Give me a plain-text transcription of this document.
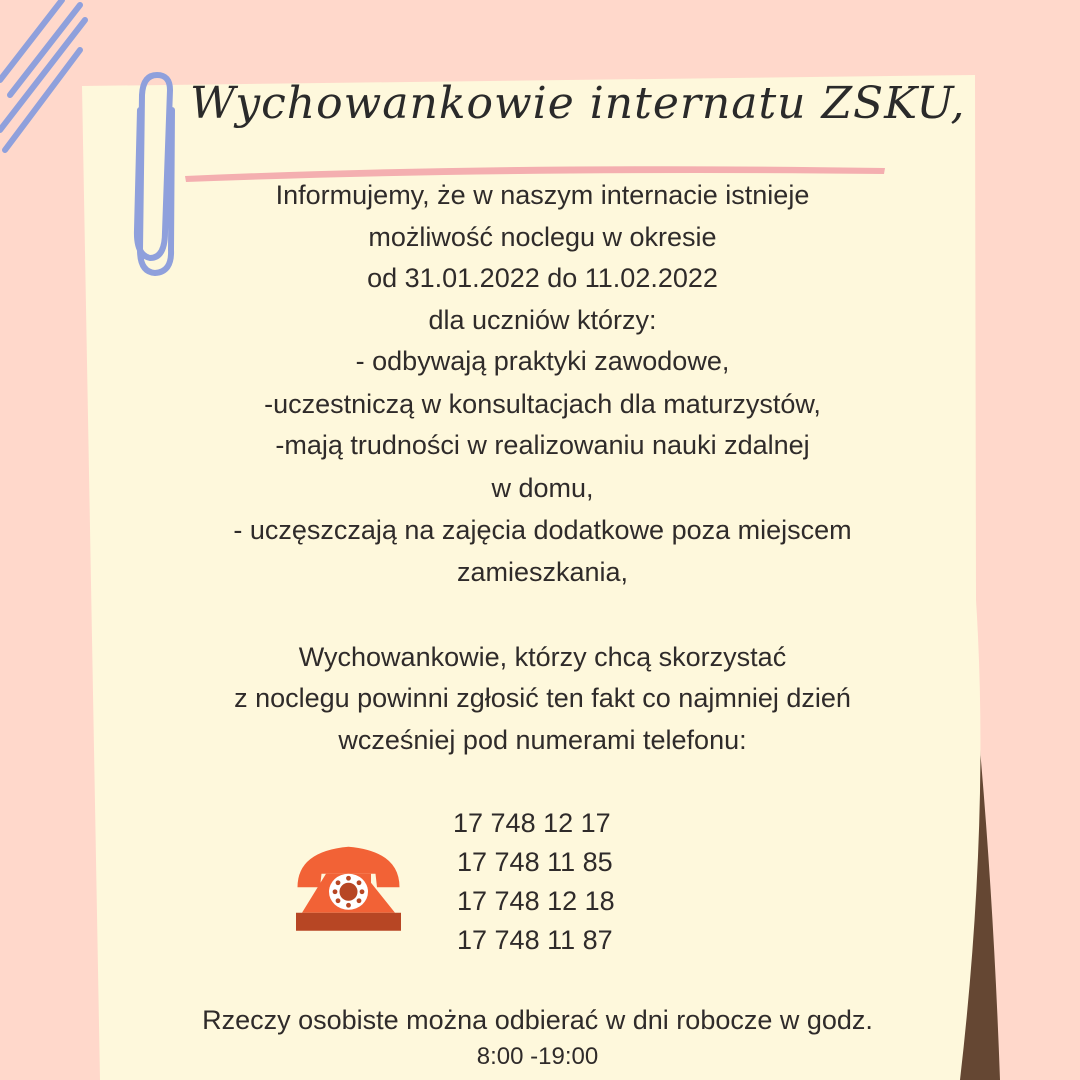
Wychowankowie internatu ZSKU,
Informujemy, że w naszym internacie istnieje
możliwość noclegu w okresie
od 31.01.2022 do 11.02.2022
dla uczniów którzy:
- odbywają praktyki zawodowe,
-uczestniczą w konsultacjach dla maturzystów,
-mają trudności w realizowaniu nauki zdalnej
w domu,
- uczęszczają na zajęcia dodatkowe poza miejscem
zamieszkania,
Wychowankowie, którzy chcą skorzystać
z noclegu powinni zgłosić ten fakt co najmniej dzień
wcześniej pod numerami telefonu:
17 748 12 17
17 748 11 85
17 748 12 18
17 748 11 87
Rzeczy osobiste można odbierać w dni robocze w godz.
8:00 -19:00
